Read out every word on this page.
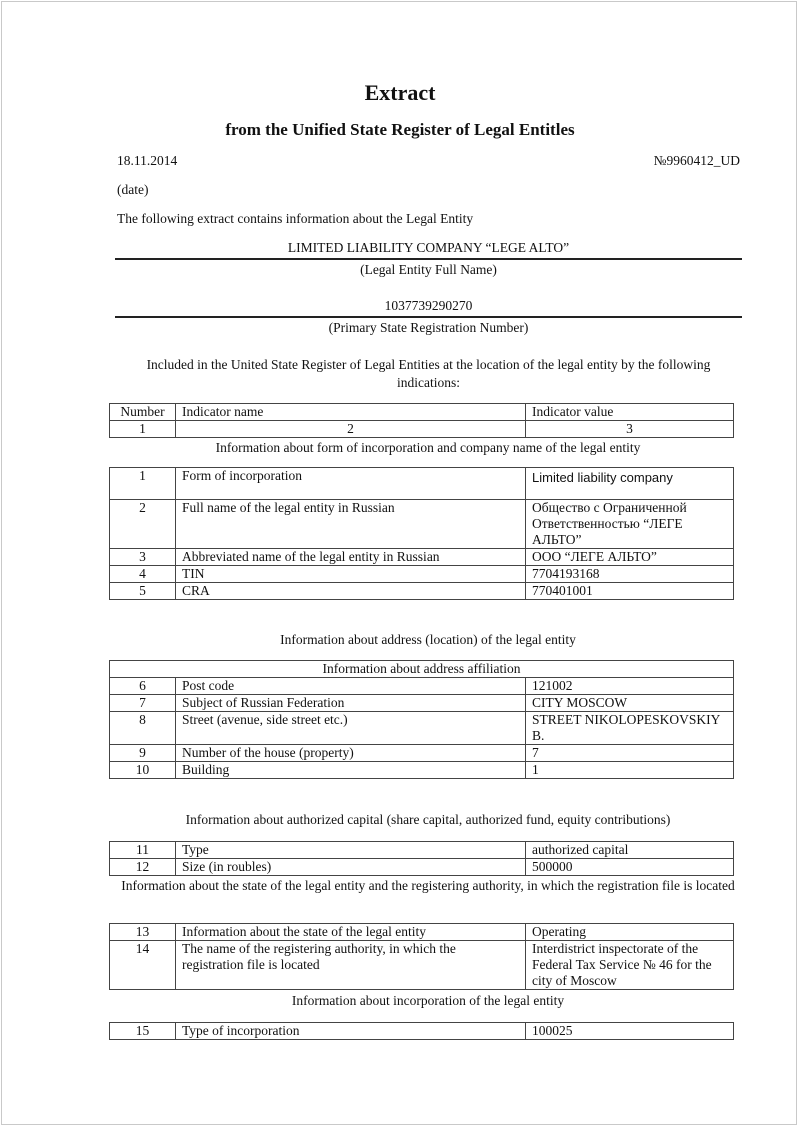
Extract
from the Unified State Register of Legal Entitles
18.11.2014	№9960412_UD
(date)
The following extract contains information about the Legal Entity
LIMITED LIABILITY COMPANY “LEGE ALTO”
(Legal Entity Full Name)
1037739290270
(Primary State Registration Number)
Included in the United State Register of Legal Entities at the location of the legal entity by the following indications:
Number	Indicator name	Indicator value
1	2	3
Information about form of incorporation and company name of the legal entity
1	Form of incorporation	Limited liability company
2	Full name of the legal entity in Russian	Общество с Ограниченной Ответственностью “ЛЕГЕ АЛЬТО”
3	Abbreviated name of the legal entity in Russian	ООО “ЛЕГЕ АЛЬТО”
4	TIN	7704193168
5	CRA	770401001
Information about address (location) of the legal entity
Information about address affiliation		
6	Post code	121002
7	Subject of Russian Federation	CITY MOSCOW
8	Street (avenue, side street etc.)	STREET NIKOLOPESKOVSKIY B.
9	Number of the house (property)	7
10	Building	1
Information about authorized capital (share capital, authorized fund, equity contributions)
11	Type	authorized capital
12	Size (in roubles)	500000
Information about the state of the legal entity and the registering authority, in which the registration file is located
13	Information about the state of the legal entity	Operating
14	The name of the registering authority, in which the registration file is located	Interdistrict inspectorate of the Federal Tax Service № 46 for the city of Moscow
Information about incorporation of the legal entity
15	Type of incorporation	100025
